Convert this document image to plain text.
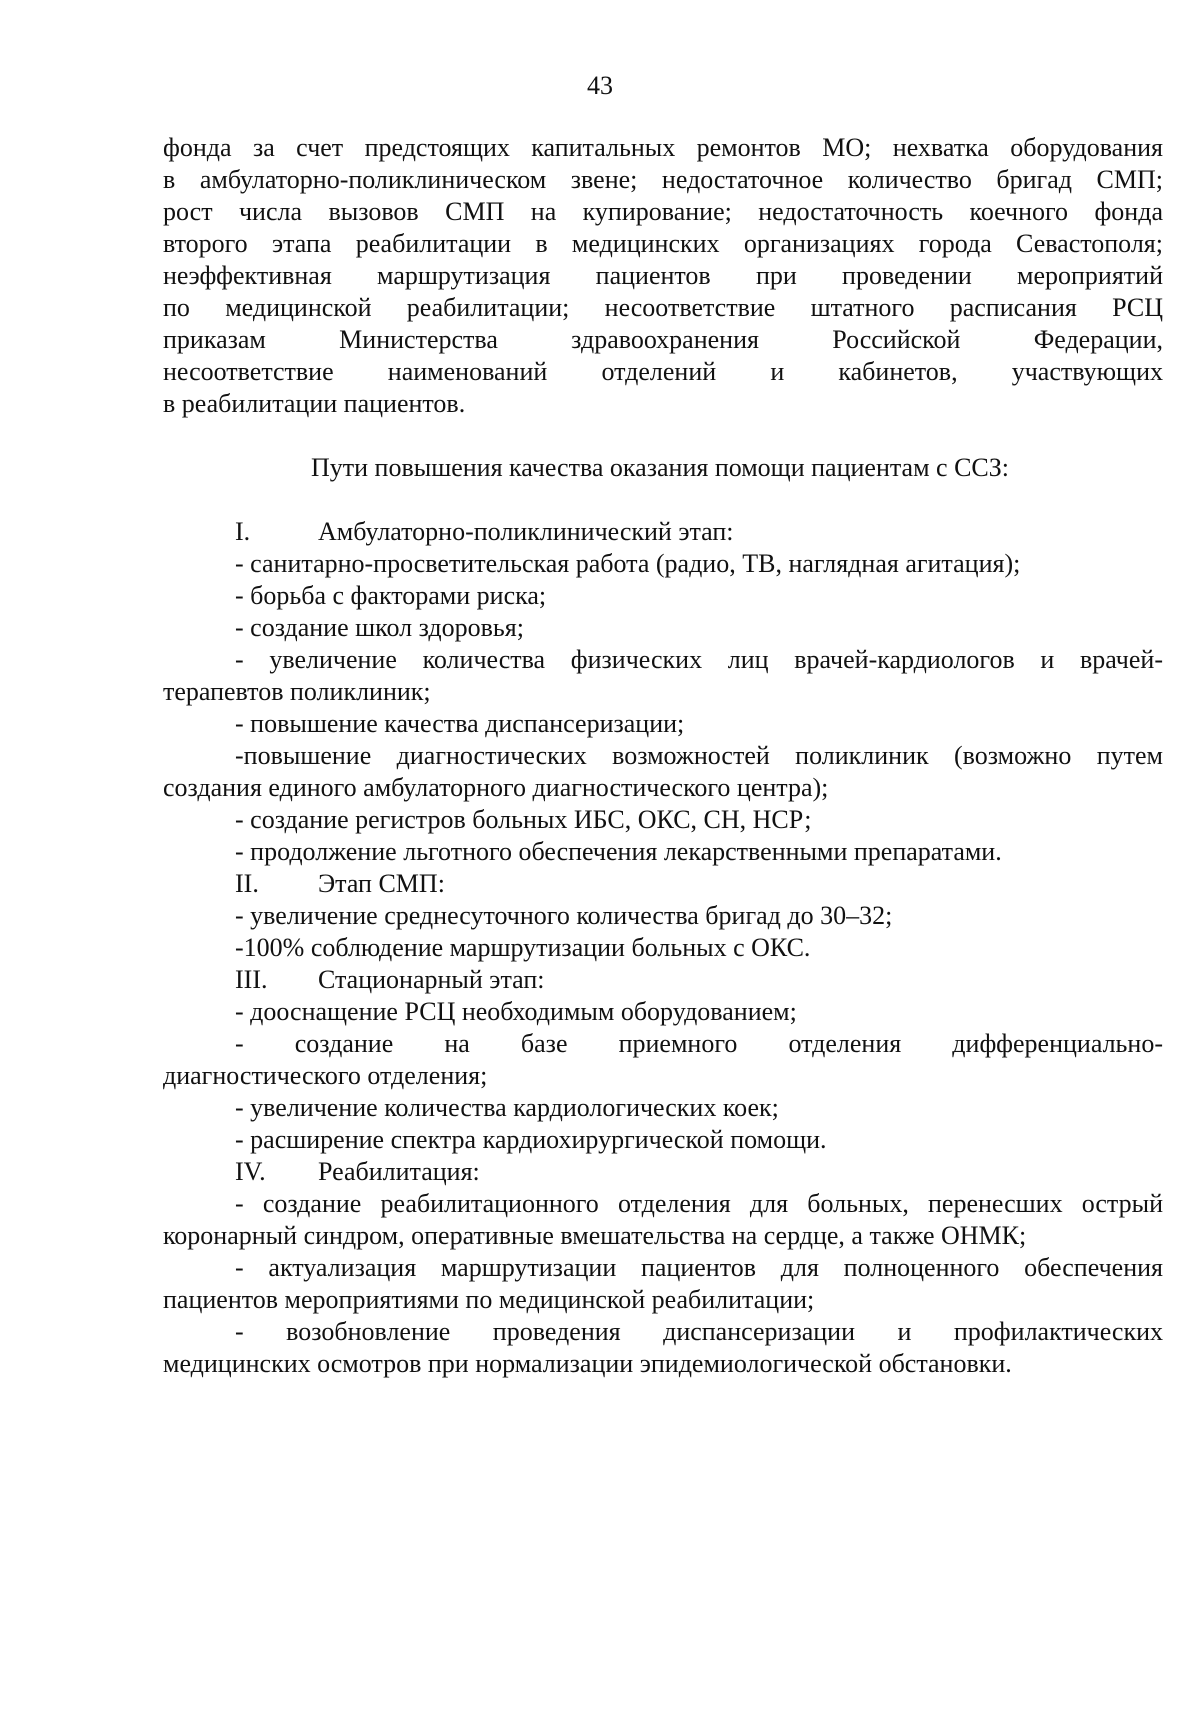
43

фонда за счет предстоящих капитальных ремонтов МО; нехватка оборудования

в амбулаторно-поликлиническом звене; недостаточное количество бригад СМП;

рост числа вызовов СМП на купирование; недостаточность коечного фонда

второго этапа реабилитации в медицинских организациях города Севастополя;

неэффективная маршрутизация пациентов при проведении мероприятий

по медицинской реабилитации; несоответствие штатного расписания РСЦ

приказам Министерства здравоохранения Российской Федерации,

несоответствие наименований отделений и кабинетов, участвующих

в реабилитации пациентов.

Пути повышения качества оказания помощи пациентам с ССЗ:

I.	Амбулаторно-поликлинический этап:

- санитарно-просветительская работа (радио, ТВ, наглядная агитация);

- борьба с факторами риска;

- создание школ здоровья;

- увеличение количества физических лиц врачей-кардиологов и врачей-

терапевтов поликлиник;

- повышение качества диспансеризации;

-повышение диагностических возможностей поликлиник (возможно путем

создания единого амбулаторного диагностического центра);

- создание регистров больных ИБС, ОКС, СН, НСР;

- продолжение льготного обеспечения лекарственными препаратами.

II. Этап СМП:

- увеличение среднесуточного количества бригад до 30–32;

-100% соблюдение маршрутизации больных с ОКС.

III. Стационарный этап:

- дооснащение РСЦ необходимым оборудованием;

- создание на базе приемного отделения дифференциально-

диагностического отделения;

- увеличение количества кардиологических коек;

- расширение спектра кардиохирургической помощи.

IV. Реабилитация:

- создание реабилитационного отделения для больных, перенесших острый

коронарный синдром, оперативные вмешательства на сердце, а также ОНМК;

- актуализация маршрутизации пациентов для полноценного обеспечения

пациентов мероприятиями по медицинской реабилитации;

- возобновление проведения диспансеризации и профилактических

медицинских осмотров при нормализации эпидемиологической обстановки.
